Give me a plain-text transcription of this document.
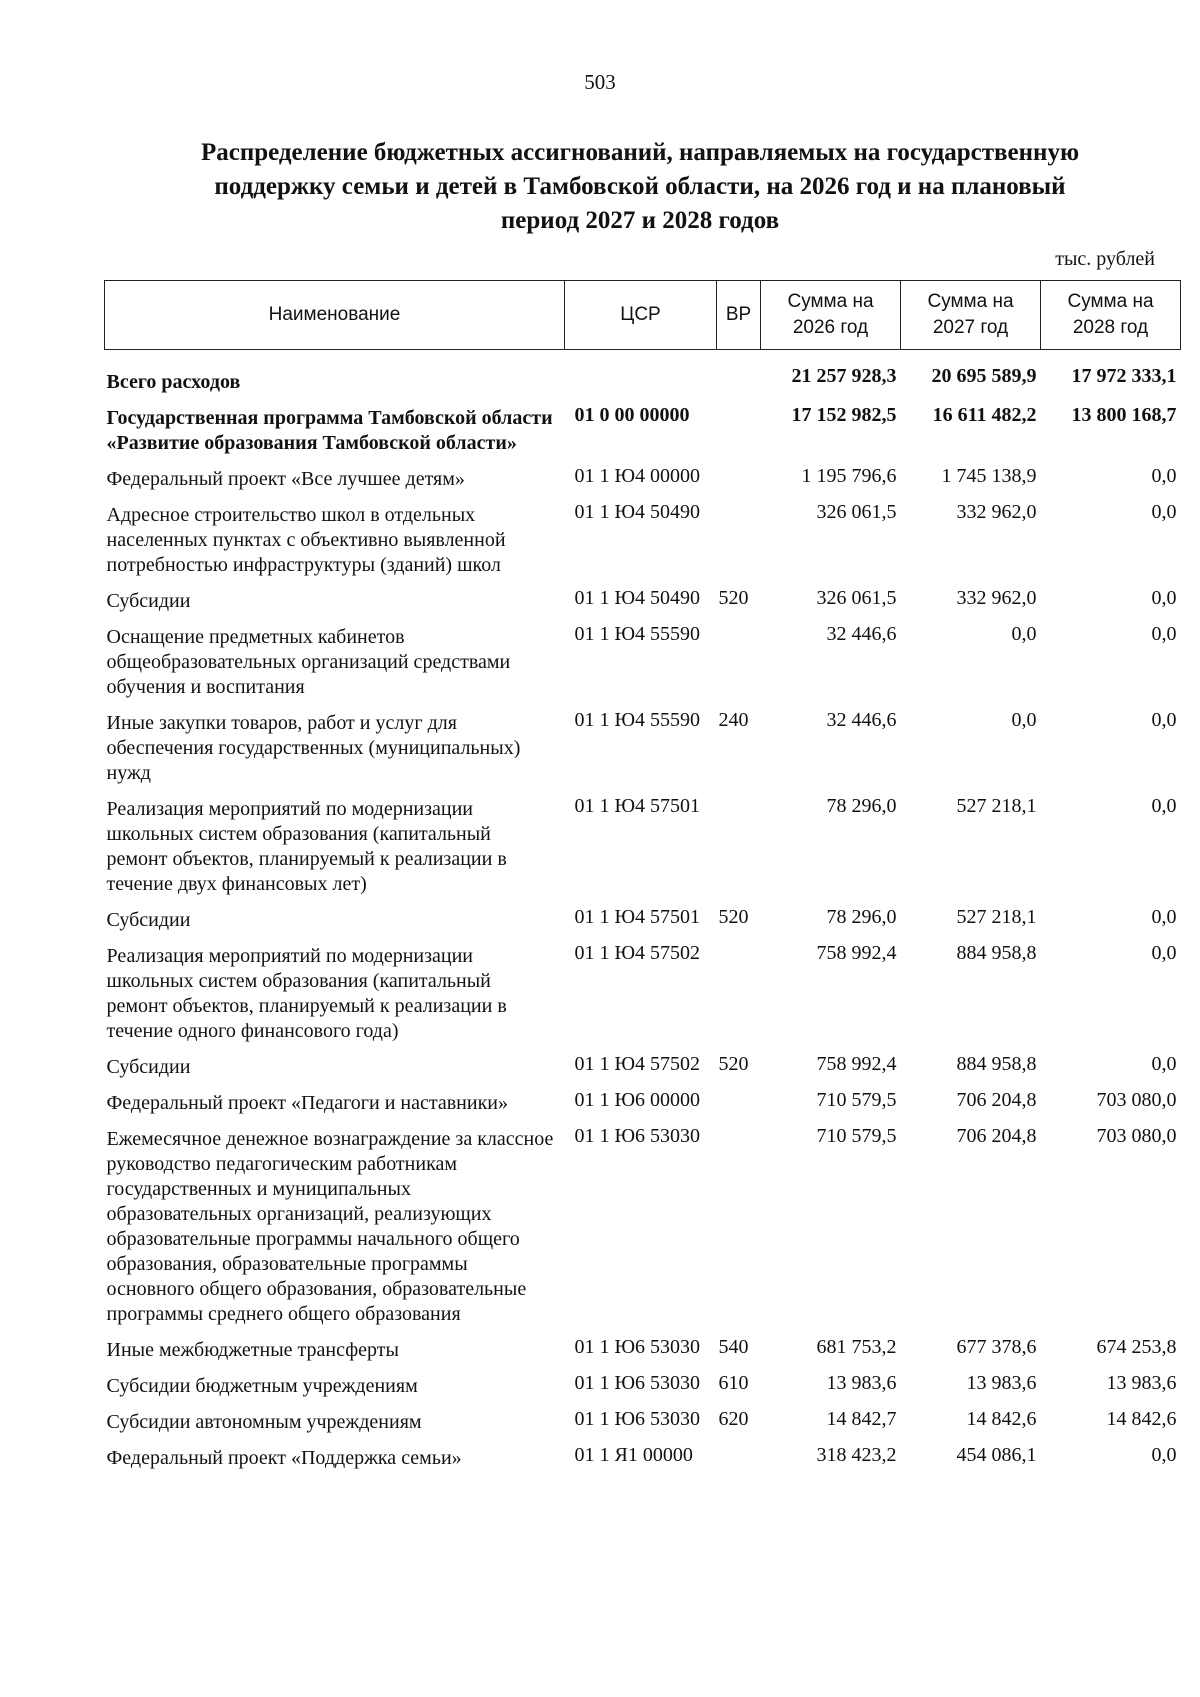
503
Распределение бюджетных ассигнований, направляемых на государственную
поддержку семьи и детей в Тамбовской области, на 2026 год и на плановый
период 2027 и 2028 годов
тыс. рублей
Наименование	ЦСР	ВР	Сумма на 2026 год	Сумма на 2027 год	Сумма на 2028 год
Всего расходов			21 257 928,3	20 695 589,9	17 972 333,1
Государственная программа Тамбовской области «Развитие образования Тамбовской области»	01 0 00 00000		17 152 982,5	16 611 482,2	13 800 168,7
Федеральный проект «Все лучшее детям»	01 1 Ю4 00000		1 195 796,6	1 745 138,9	0,0
Адресное строительство школ в отдельных населенных пунктах с объективно выявленной потребностью инфраструктуры (зданий) школ	01 1 Ю4 50490		326 061,5	332 962,0	0,0
Субсидии	01 1 Ю4 50490	520	326 061,5	332 962,0	0,0
Оснащение предметных кабинетов общеобразовательных организаций средствами обучения и воспитания	01 1 Ю4 55590		32 446,6	0,0	0,0
Иные закупки товаров, работ и услуг для обеспечения государственных (муниципальных) нужд	01 1 Ю4 55590	240	32 446,6	0,0	0,0
Реализация мероприятий по модернизации школьных систем образования (капитальный ремонт объектов, планируемый к реализации в течение двух финансовых лет)	01 1 Ю4 57501		78 296,0	527 218,1	0,0
Субсидии	01 1 Ю4 57501	520	78 296,0	527 218,1	0,0
Реализация мероприятий по модернизации школьных систем образования (капитальный ремонт объектов, планируемый к реализации в течение одного финансового года)	01 1 Ю4 57502		758 992,4	884 958,8	0,0
Субсидии	01 1 Ю4 57502	520	758 992,4	884 958,8	0,0
Федеральный проект «Педагоги и наставники»	01 1 Ю6 00000		710 579,5	706 204,8	703 080,0
Ежемесячное денежное вознаграждение за классное руководство педагогическим работникам государственных и муниципальных образовательных организаций, реализующих образовательные программы начального общего образования, образовательные программы основного общего образования, образовательные программы среднего общего образования	01 1 Ю6 53030		710 579,5	706 204,8	703 080,0
Иные межбюджетные трансферты	01 1 Ю6 53030	540	681 753,2	677 378,6	674 253,8
Субсидии бюджетным учреждениям	01 1 Ю6 53030	610	13 983,6	13 983,6	13 983,6
Субсидии автономным учреждениям	01 1 Ю6 53030	620	14 842,7	14 842,6	14 842,6
Федеральный проект «Поддержка семьи»	01 1 Я1 00000		318 423,2	454 086,1	0,0
